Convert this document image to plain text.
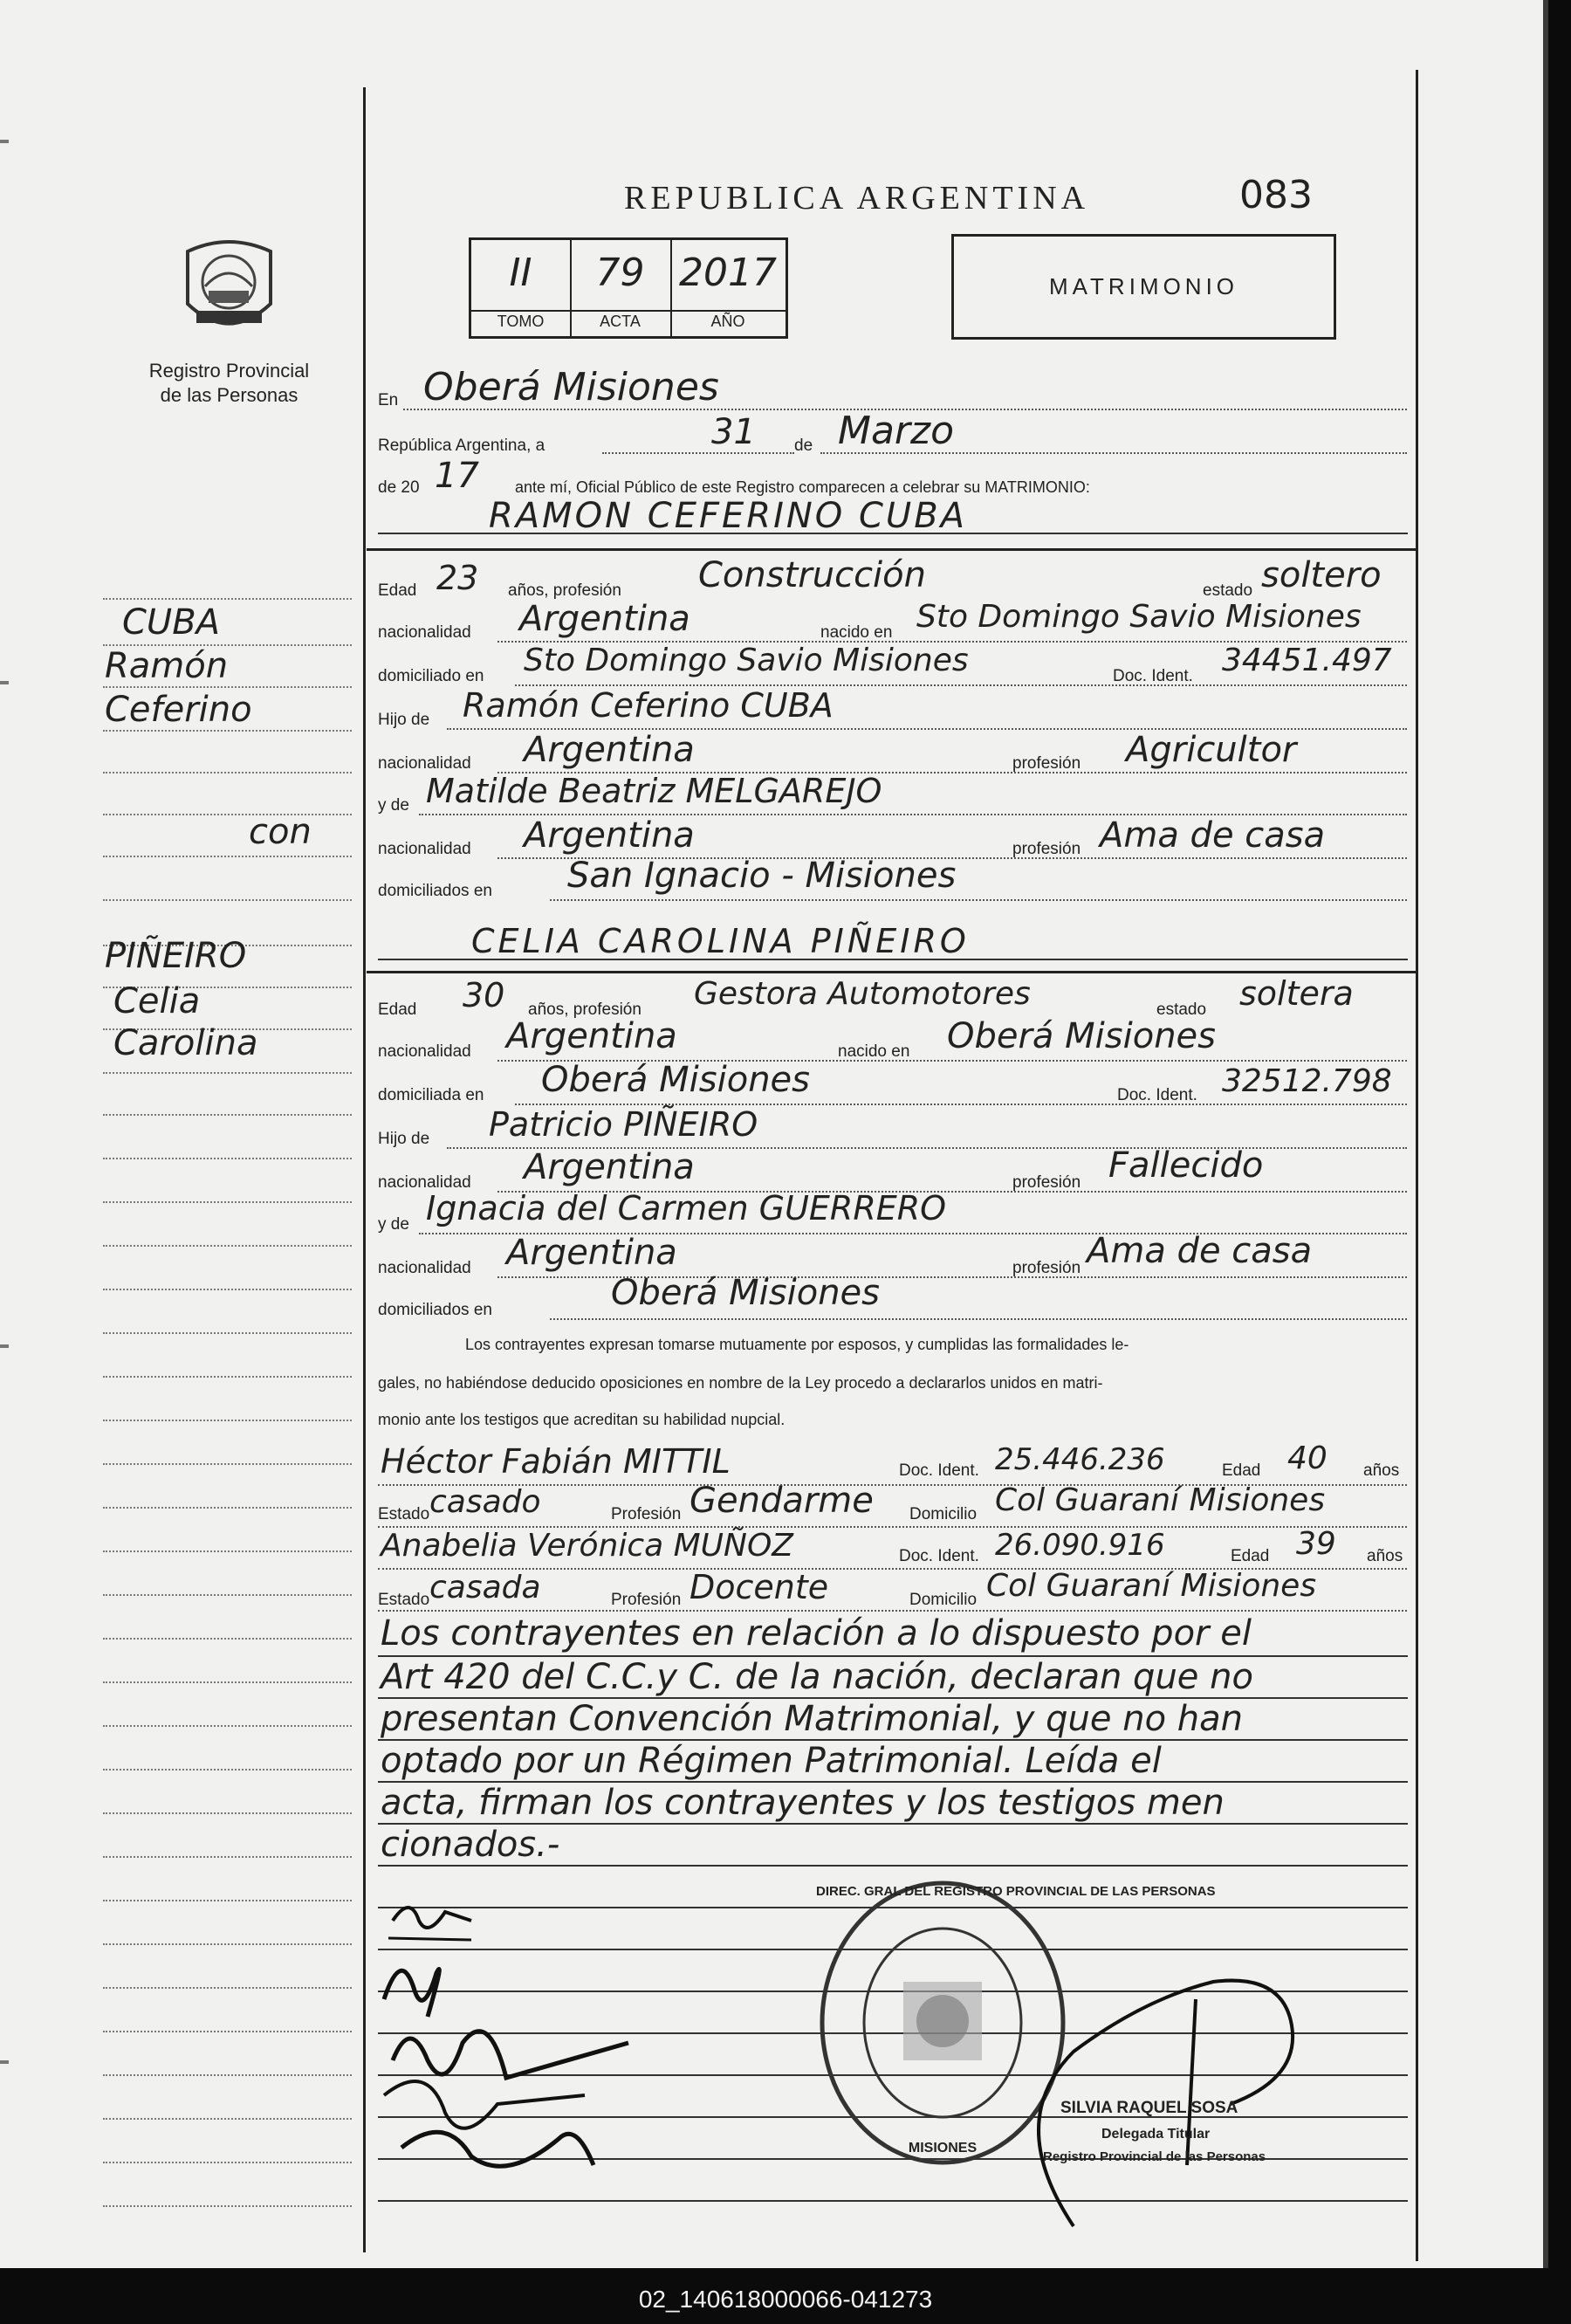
REPUBLICA ARGENTINA	083
Registro Provincial
de las Personas
II	79 2017
TOMO	ACTA	AÑO
MATRIMONIO
CUBA
Ramón
Ceferino
con
PIÑEIRO
Celia
Carolina
En Oberá Misiones
República Argentina, a	31 de Marzo
de 20 17 ante mí, Oficial Público de este Registro comparecen a celebrar su MATRIMONIO:
RAMON CEFERINO CUBA
Edad 23 años, profesión Construcción	estado soltero
nacionalidad Argentina	nacido en Sto Domingo Savio Misiones
domiciliado en Sto Domingo Savio Misiones	Doc. Ident. 34451.497
Hijo de Ramón Ceferino CUBA
nacionalidad Argentina	profesión Agricultor
y de Matilde Beatriz MELGAREJO
nacionalidad Argentina	profesión Ama de casa
domiciliados en San Ignacio - Misiones
CELIA CAROLINA PIÑEIRO
Edad 30 años, profesión Gestora Automotores	estado soltera
nacionalidad Argentina	nacido en Oberá Misiones
domiciliada en Oberá Misiones	Doc. Ident. 32512.798
Hijo de Patricio PIÑEIRO
nacionalidad Argentina	profesión Fallecido
y de Ignacia del Carmen GUERRERO
nacionalidad Argentina	profesión Ama de casa
domiciliados en	Oberá Misiones
Los contrayentes expresan tomarse mutuamente por esposos, y cumplidas las formalidades le-
gales, no habiéndose deducido oposiciones en nombre de la Ley procedo a declararlos unidos en matri-
monio ante los testigos que acreditan su habilidad nupcial.
Héctor Fabián MITTIL	Doc. Ident. 25.446.236	Edad 40 años
Estado casado	Profesión Gendarme Domicilio Col Guaraní Misiones
Anabelia Verónica MUÑOZ	Doc. Ident. 26.090.916	Edad 39 años
Estado casada	Profesión Docente	Domicilio Col Guaraní Misiones
Los contrayentes en relación a lo dispuesto por el
Art 420 del C.C.y C. de la nación, declaran que no
presentan Convención Matrimonial, y que no han
optado por un Régimen Patrimonial. Leída el
acta, firman los contrayentes y los testigos men
cionados.-
DIREC. GRAL DEL REGISTRO PROVINCIAL DE LAS PERSONAS
MISIONES
SILVIA RAQUEL SOSA
Delegada Titular
Registro Provincial de las Personas
02_140618000066-041273
